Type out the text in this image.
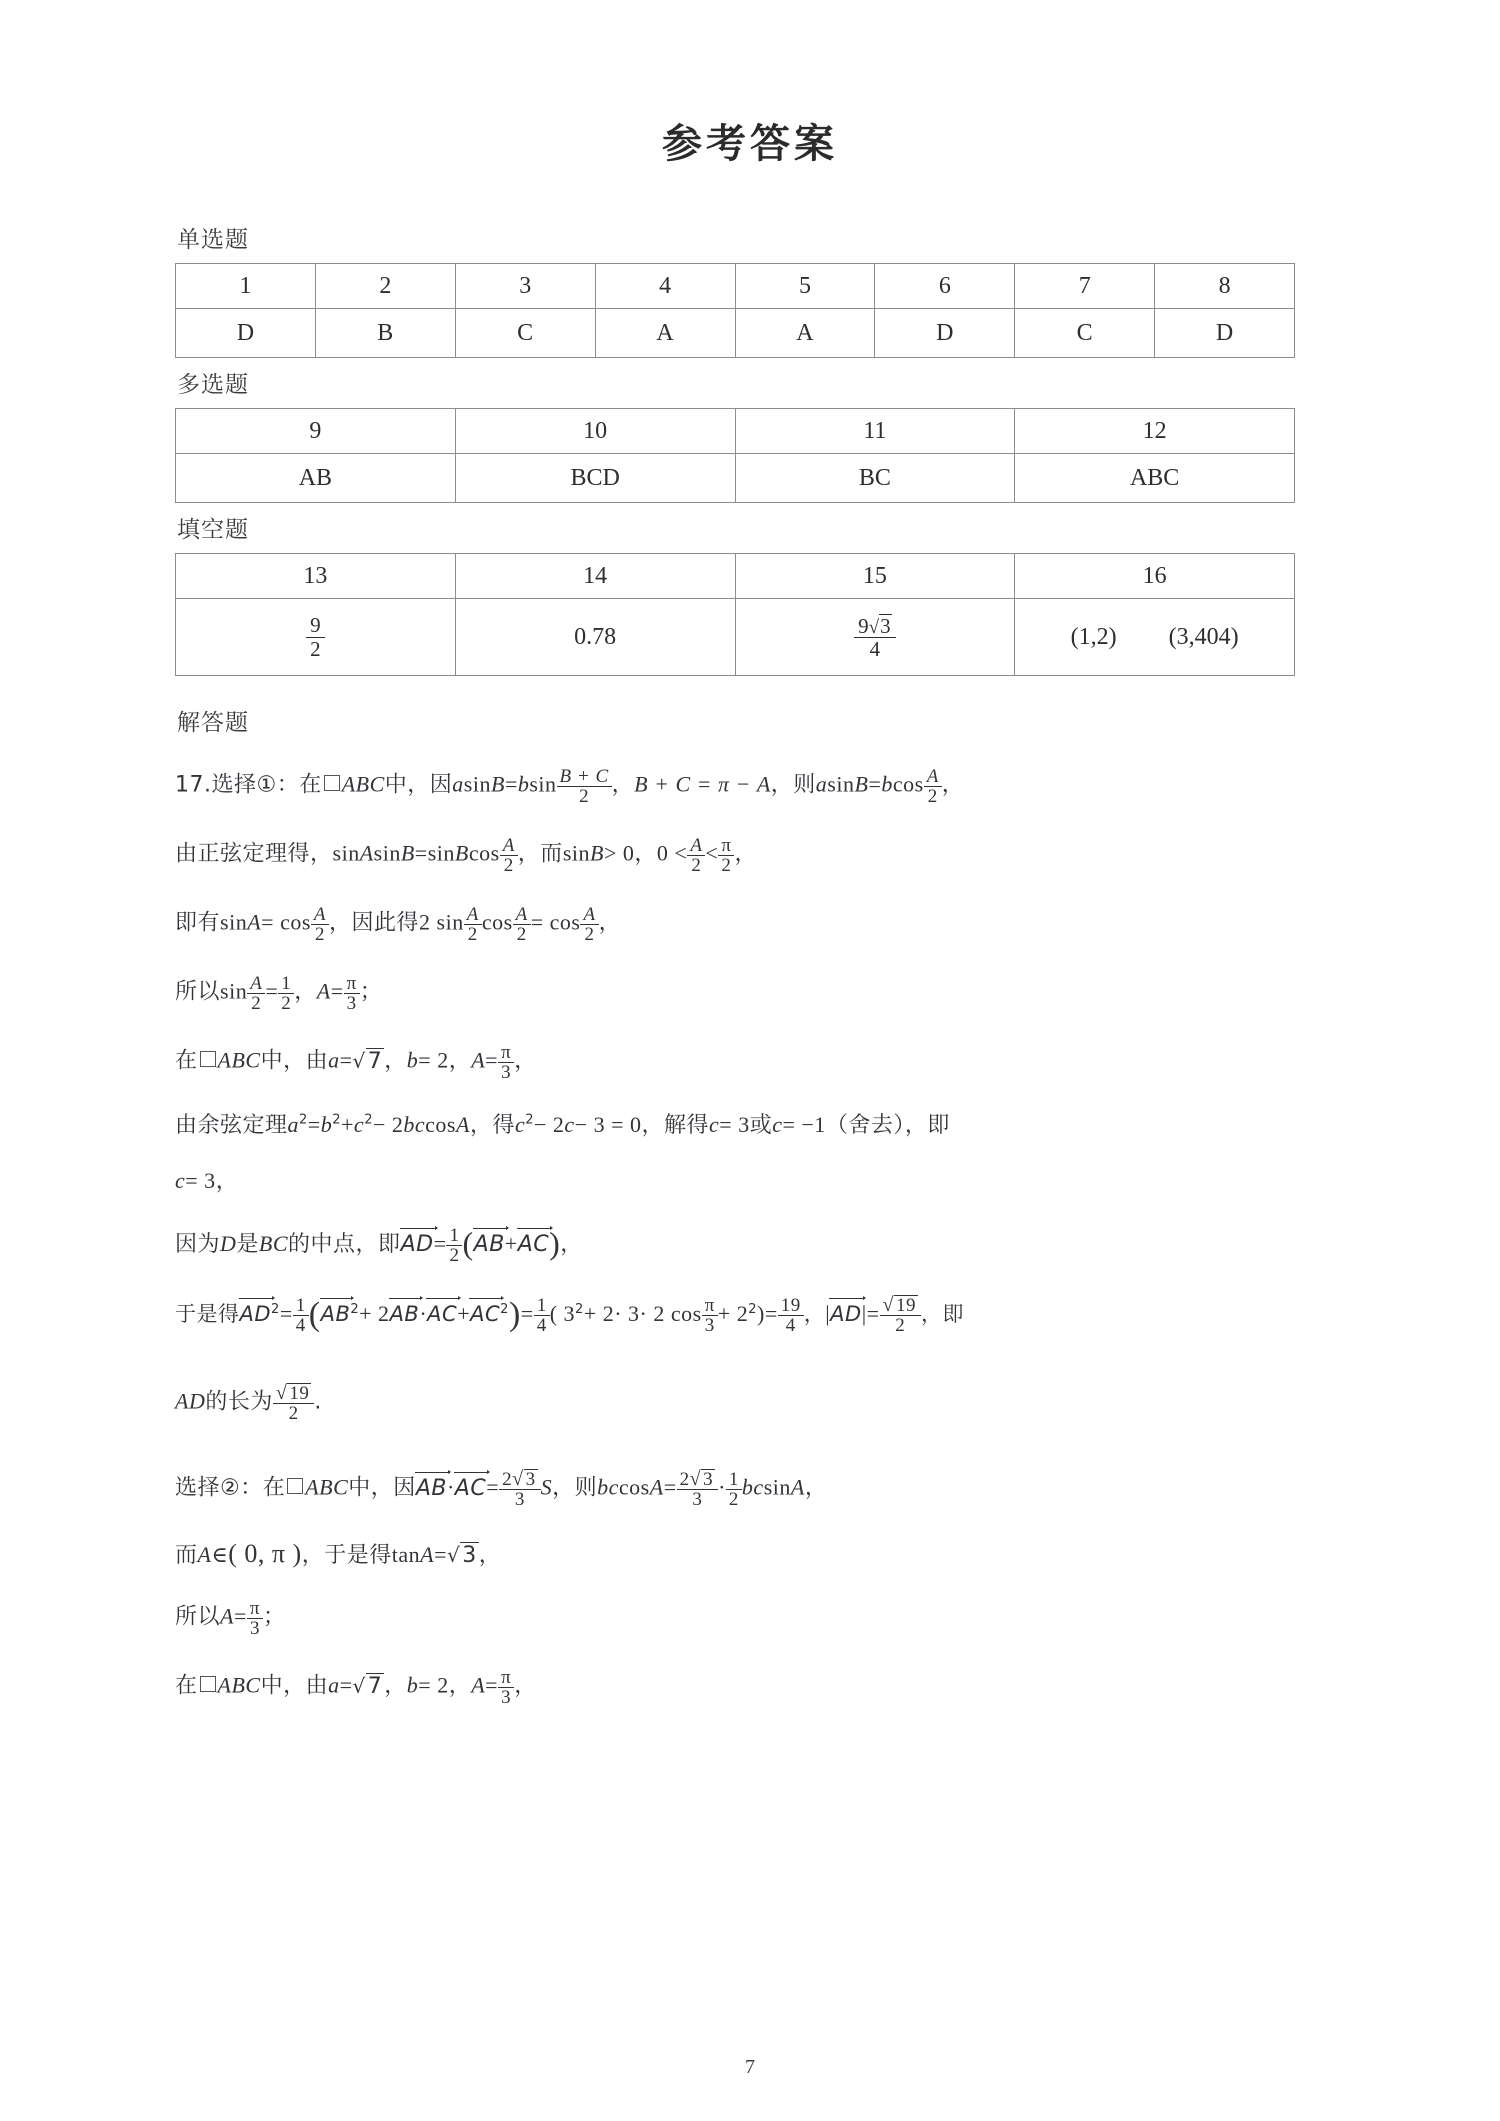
参考答案
单选题
1	2	3	4	5	6	7	8
D	B	C	A	A	D	C	D
多选题
9	10	11	12
AB	BCD	BC	ABC
填空题
13	14	15	16

$\frac{9}{2}$	0.78	$\frac{9√3}{4}$	(1,2) (3,404)
解答题
17.选择①：在 ABC中，因$asinB=bsin \frac{B + C}{2}$ ，B + C = π − A，则$asinB=bcos \frac{A}{2}$ ，
由正弦定理得，sinAsinB=sinBcos $\frac{A}{2}$ ，而sinB> 0，$0 < \frac{A}{2} < \frac{\pi}{2}$ ，
即有$\sin A= \cos \frac{A}{2}$ ，因此得2 $\sin \frac{A}{2}$ $\cos \frac{A}{2} = \cos \frac{A}{2}$ ，
所以$\sin \frac{A}{2} = \frac{1}{2}$ ，$A= \frac{\pi}{3}$ ；
在 ABC中，由a=√7，b= 2，$A= \frac{\pi}{3}$ ，
由余弦定理$a^2=b^2+c^2- 2bccosA$，得$c^2- 2c- 3 = 0$，解得c= 3或c= −1（舍去），即
c= 3，
因为D是BC的中点，即$AD= \frac{1}{2} (AB+AC)$，
于是得$AD^2= \frac{1}{4} (AB^2+ 2AB\cdot AC+AC^2)= \frac{1}{4}$ ( $3^2+ 2\cdot 3\cdot 2$ $\cos \frac{\pi}{3} + 2^2)= \frac{19}{4}$ ，$|AD|= \frac{√ 19}{2}$ ，即
AD的长为 $\frac{√ 19}{2}$ .
选择②：在 ABC中，因$AB\cdot AC= \frac{2√ 3}{3}$ S，则$bccosA= \frac{2√ 3}{3} \cdot \frac{1}{2}$ bcsinA，
而A∈( 0, π )，于是得tanA=√3，
所以$A= \frac{\pi}{3}$ ；
在 ABC中，由a=√7，b= 2，$A= \frac{\pi}{3}$ ，
7
